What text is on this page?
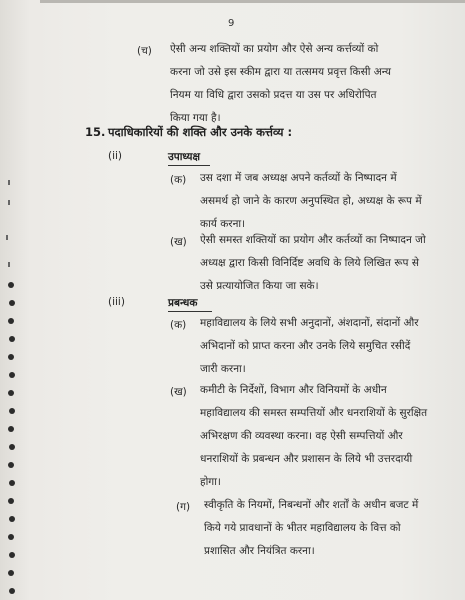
9
(च) ऐसी अन्य शक्तियों का प्रयोग और ऐसे अन्य कर्त्तव्यों को
करना जो उसे इस स्कीम द्वारा या तत्समय प्रवृत्त किसी अन्य
नियम या विधि द्वारा उसको प्रदत्त या उस पर अधिरोपित
किया गया है।
15. पदाधिकारियों की शक्ति और उनके कर्त्तव्य :
(ii)	उपाध्यक्ष
(क) उस दशा में जब अध्यक्ष अपने कर्तव्यों के निष्पादन में
असमर्थ हो जाने के कारण अनुपस्थित हो, अध्यक्ष के रूप में
कार्य करना।
(ख) ऐसी समस्त शक्तियों का प्रयोग और कर्तव्यों का निष्पादन जो
अध्यक्ष द्वारा किसी विनिर्दिष्ट अवधि के लिये लिखित रूप से
उसे प्रत्यायोजित किया जा सके।
(iii)	प्रबन्धक
(क) महाविद्यालय के लिये सभी अनुदानों, अंशदानों, संदानों और
अभिदानों को प्राप्त करना और उनके लिये समुचित रसीदें
जारी करना।
(ख) कमीटी के निर्देशों, विभाग और विनियमों के अधीन
महाविद्यालय की समस्त सम्पत्तियों और धनराशियों के सुरक्षित
अभिरक्षण की व्यवस्था करना। वह ऐसी सम्पत्तियों और
धनराशियों के प्रबन्धन और प्रशासन के लिये भी उत्तरदायी
होगा।
(ग) स्वीकृति के नियमों, निबन्धनों और शर्तों के अधीन बजट में
किये गये प्रावधानों के भीतर महाविद्यालय के वित्त को
प्रशासित और नियंत्रित करना।
